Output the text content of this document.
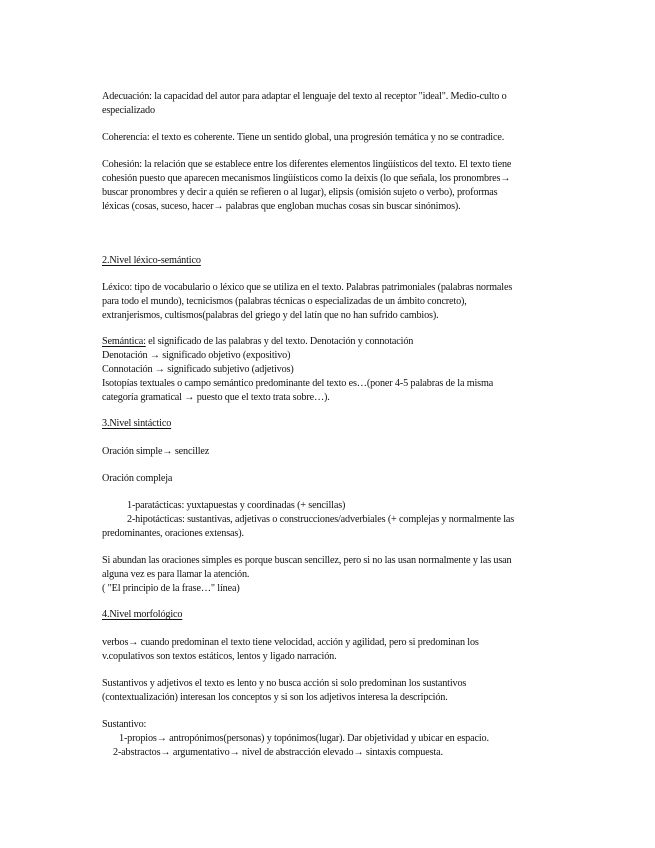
Adecuación: la capacidad del autor para adaptar el lenguaje del texto al receptor "ideal". Medio-culto o
especializado
Coherencia: el texto es coherente. Tiene un sentido global, una progresión temática y no se contradice.
Cohesión: la relación que se establece entre los diferentes elementos lingüísticos del texto. El texto tiene
cohesión puesto que aparecen mecanismos lingüísticos como la deixis (lo que señala, los pronombres→
buscar pronombres y decir a quién se refieren o al lugar), elipsis (omisión sujeto o verbo), proformas
léxicas (cosas, suceso, hacer→ palabras que engloban muchas cosas sin buscar sinónimos).
2.Nivel léxico-semántico
Léxico: tipo de vocabulario o léxico que se utiliza en el texto. Palabras patrimoniales (palabras normales
para todo el mundo), tecnicismos (palabras técnicas o especializadas de un ámbito concreto),
extranjerismos, cultismos(palabras del griego y del latín que no han sufrido cambios).
Semántica: el significado de las palabras y del texto. Denotación y connotación
Denotación → significado objetivo (expositivo)
Connotación → significado subjetivo (adjetivos)
Isotopías textuales o campo semántico predominante del texto es…(poner 4-5 palabras de la misma
categoría gramatical → puesto que el texto trata sobre…).
3.Nivel sintáctico
Oración simple→ sencillez
Oración compleja
1-paratácticas: yuxtapuestas y coordinadas (+ sencillas)
2-hipotácticas: sustantivas, adjetivas o construcciones/adverbiales (+ complejas y normalmente las
predominantes, oraciones extensas).
Si abundan las oraciones simples es porque buscan sencillez, pero si no las usan normalmente y las usan
alguna vez es para llamar la atención.
( "El principio de la frase…" línea)
4.Nivel morfológico
verbos→ cuando predominan el texto tiene velocidad, acción y agilidad, pero si predominan los
v.copulativos son textos estáticos, lentos y ligado narración.
Sustantivos y adjetivos el texto es lento y no busca acción si solo predominan los sustantivos
(contextualización) interesan los conceptos y si son los adjetivos interesa la descripción.
Sustantivo:
1-propios→ antropónimos(personas) y topónimos(lugar). Dar objetividad y ubicar en espacio.
2-abstractos→ argumentativo→ nivel de abstracción elevado→ sintaxis compuesta.
